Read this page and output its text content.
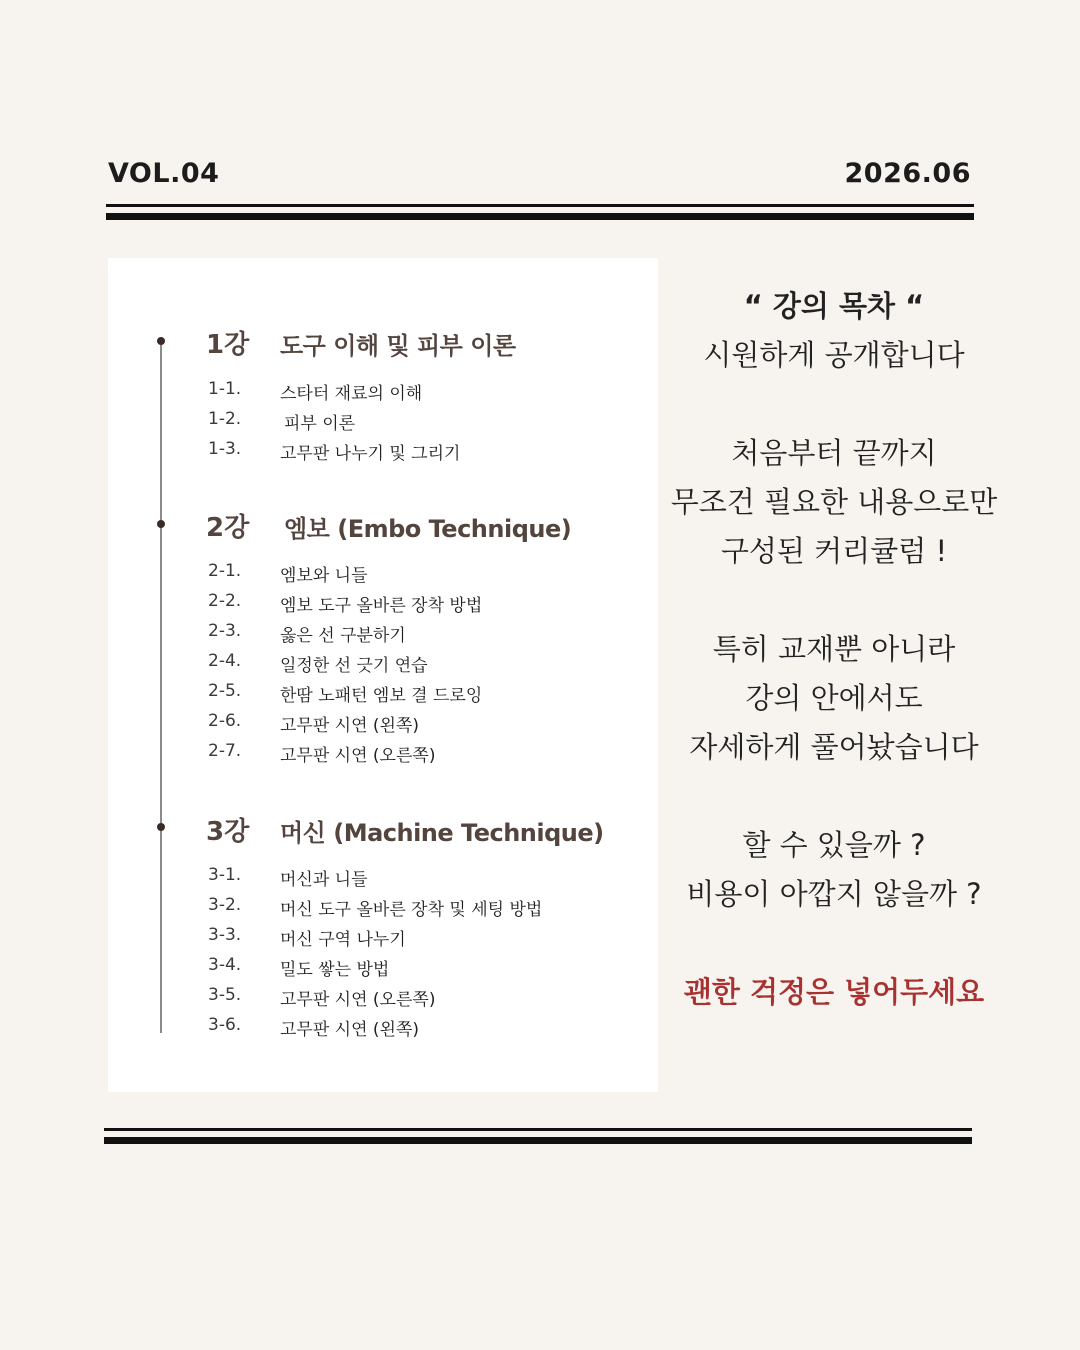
VOL.04	2026.06
1강 도구 이해 및 피부 이론
1-1. 스타터 재료의 이해
1-2.	피부 이론
1-3. 고무판 나누기 및 그리기
2강 엠보 (Embo Technique)
2-1. 엠보와 니들
2-2. 엠보 도구 올바른 장착 방법
2-3. 옳은 선 구분하기
2-4. 일정한 선 긋기 연습
2-5. 한땀 노패턴 엠보 결 드로잉
2-6. 고무판 시연 (왼쪽)
2-7. 고무판 시연 (오른쪽)
3강 머신 (Machine Technique)
3-1. 머신과 니들
3-2. 머신 도구 올바른 장착 및 세팅 방법
3-3. 머신 구역 나누기
3-4. 밀도 쌓는 방법
3-5. 고무판 시연 (오른쪽)
3-6. 고무판 시연 (왼쪽)
“ 강의 목차 “
시원하게 공개합니다
처음부터 끝까지
무조건 필요한 내용으로만
구성된 커리큘럼 !
특히 교재뿐 아니라
강의 안에서도
자세하게 풀어놨습니다
할 수 있을까 ?
비용이 아깝지 않을까 ?
괜한 걱정은 넣어두세요
